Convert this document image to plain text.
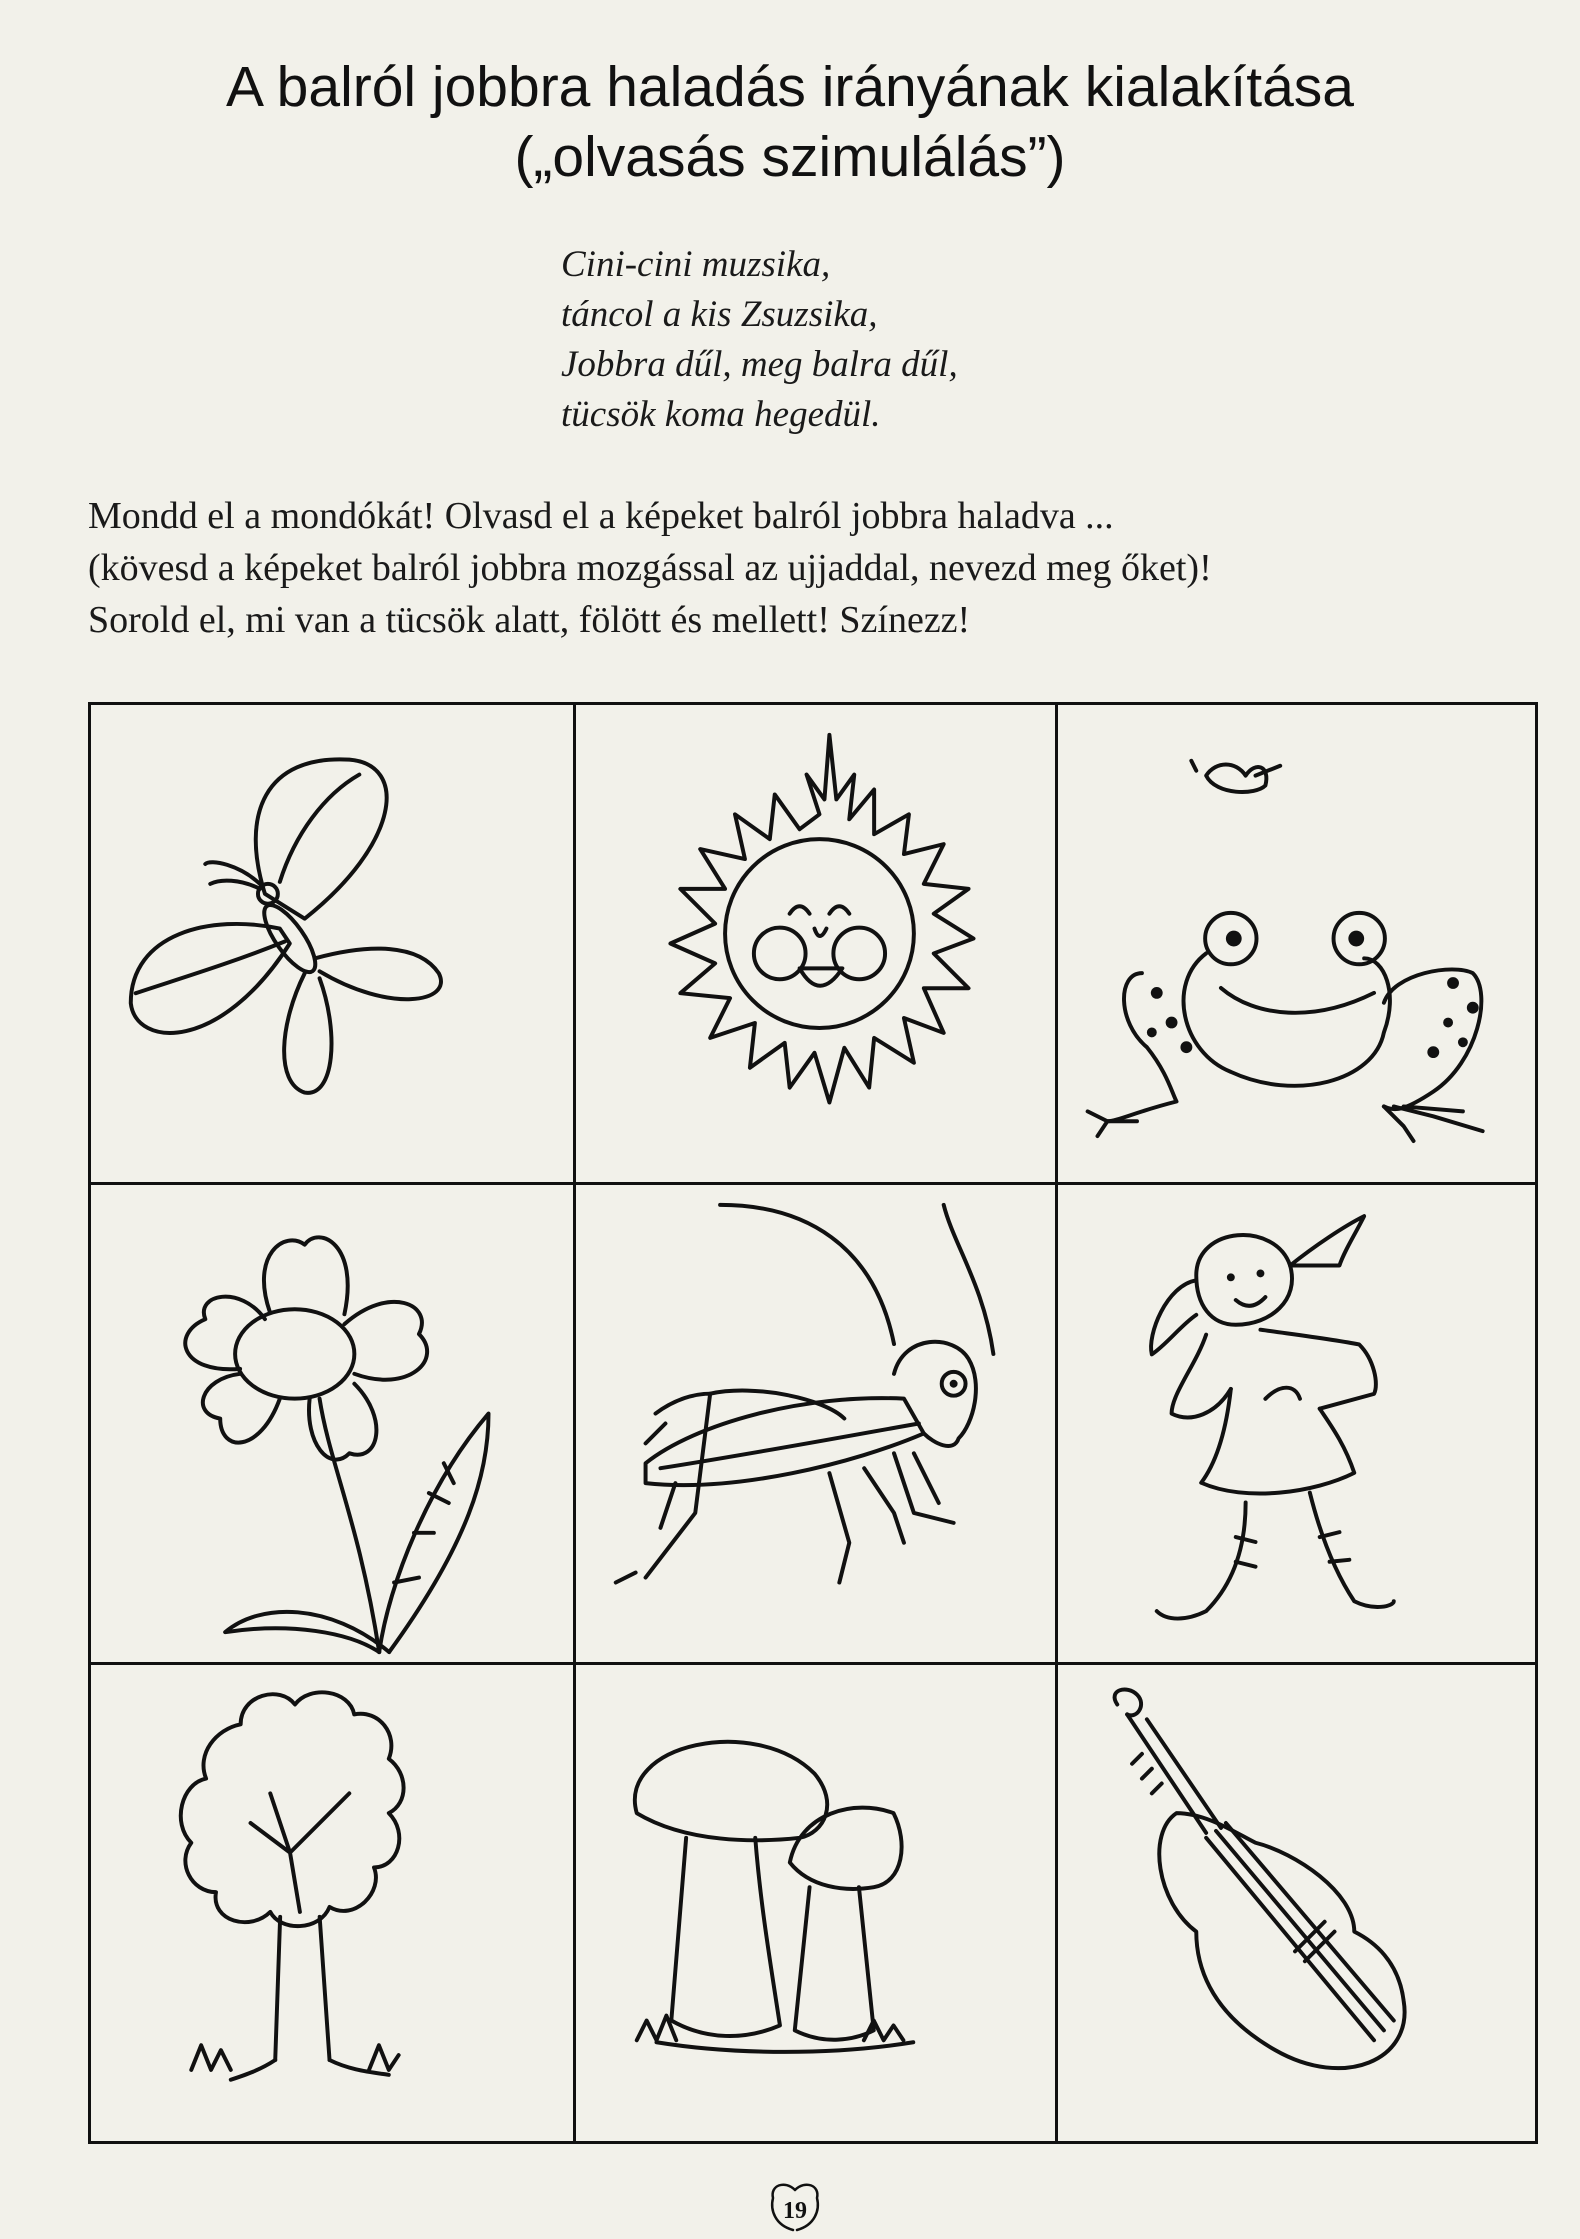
A balról jobbra haladás irányának kialakítása
(„olvasás szimulálás”)
Cini-cini muzsika,
táncol a kis Zsuzsika,
Jobbra dűl, meg balra dűl,
tücsök koma hegedül.
Mondd el a mondókát! Olvasd el a képeket balról jobbra haladva ...
(kövesd a képeket balról jobbra mozgással az ujjaddal, nevezd meg őket)!
Sorold el, mi van a tücsök alatt, fölött és mellett! Színezz!
19
